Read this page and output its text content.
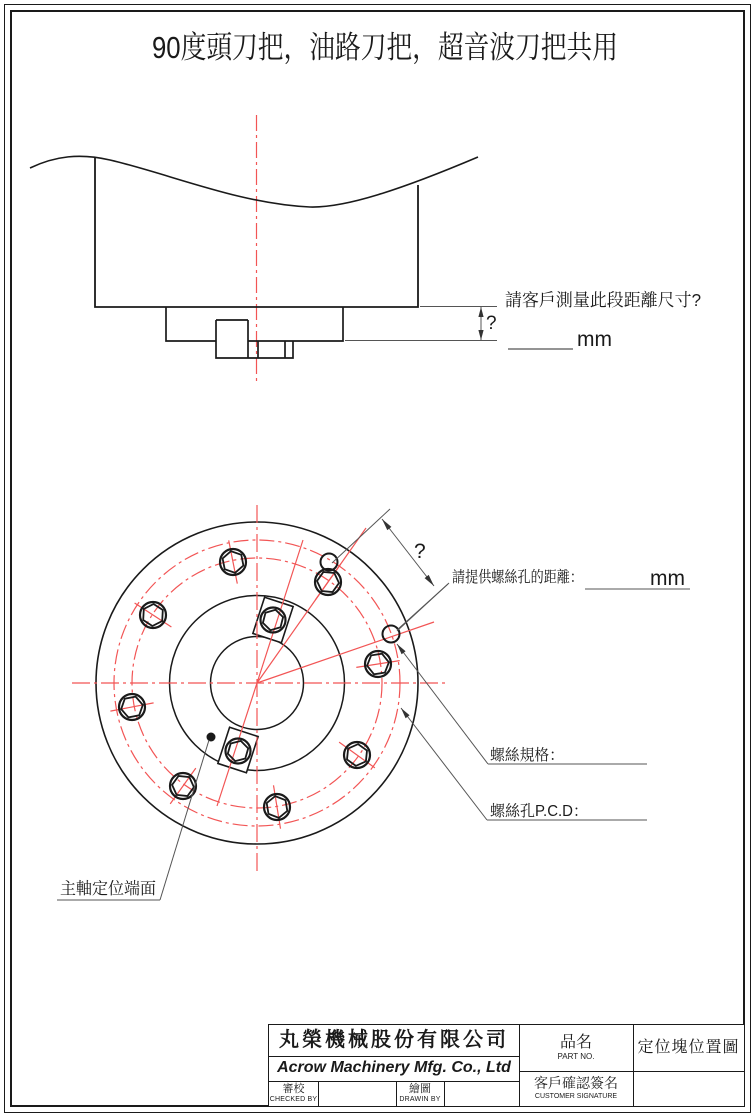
90度頭刀把，油路刀把，超音波刀把共用
?
請客戶測量此段距離尺寸?
mm
?
請提供螺絲孔的距離： mm
螺絲規格：
螺絲孔P.C.D：
主軸定位端面
丸榮機械股份有限公司
Acrow Machinery Mfg. Co., Ltd
審校
CHECKED BY
繪圖
DRAWIN BY
品名
PART NO.
定位塊位置圖
客戶確認簽名
CUSTOMER SIGNATURE
